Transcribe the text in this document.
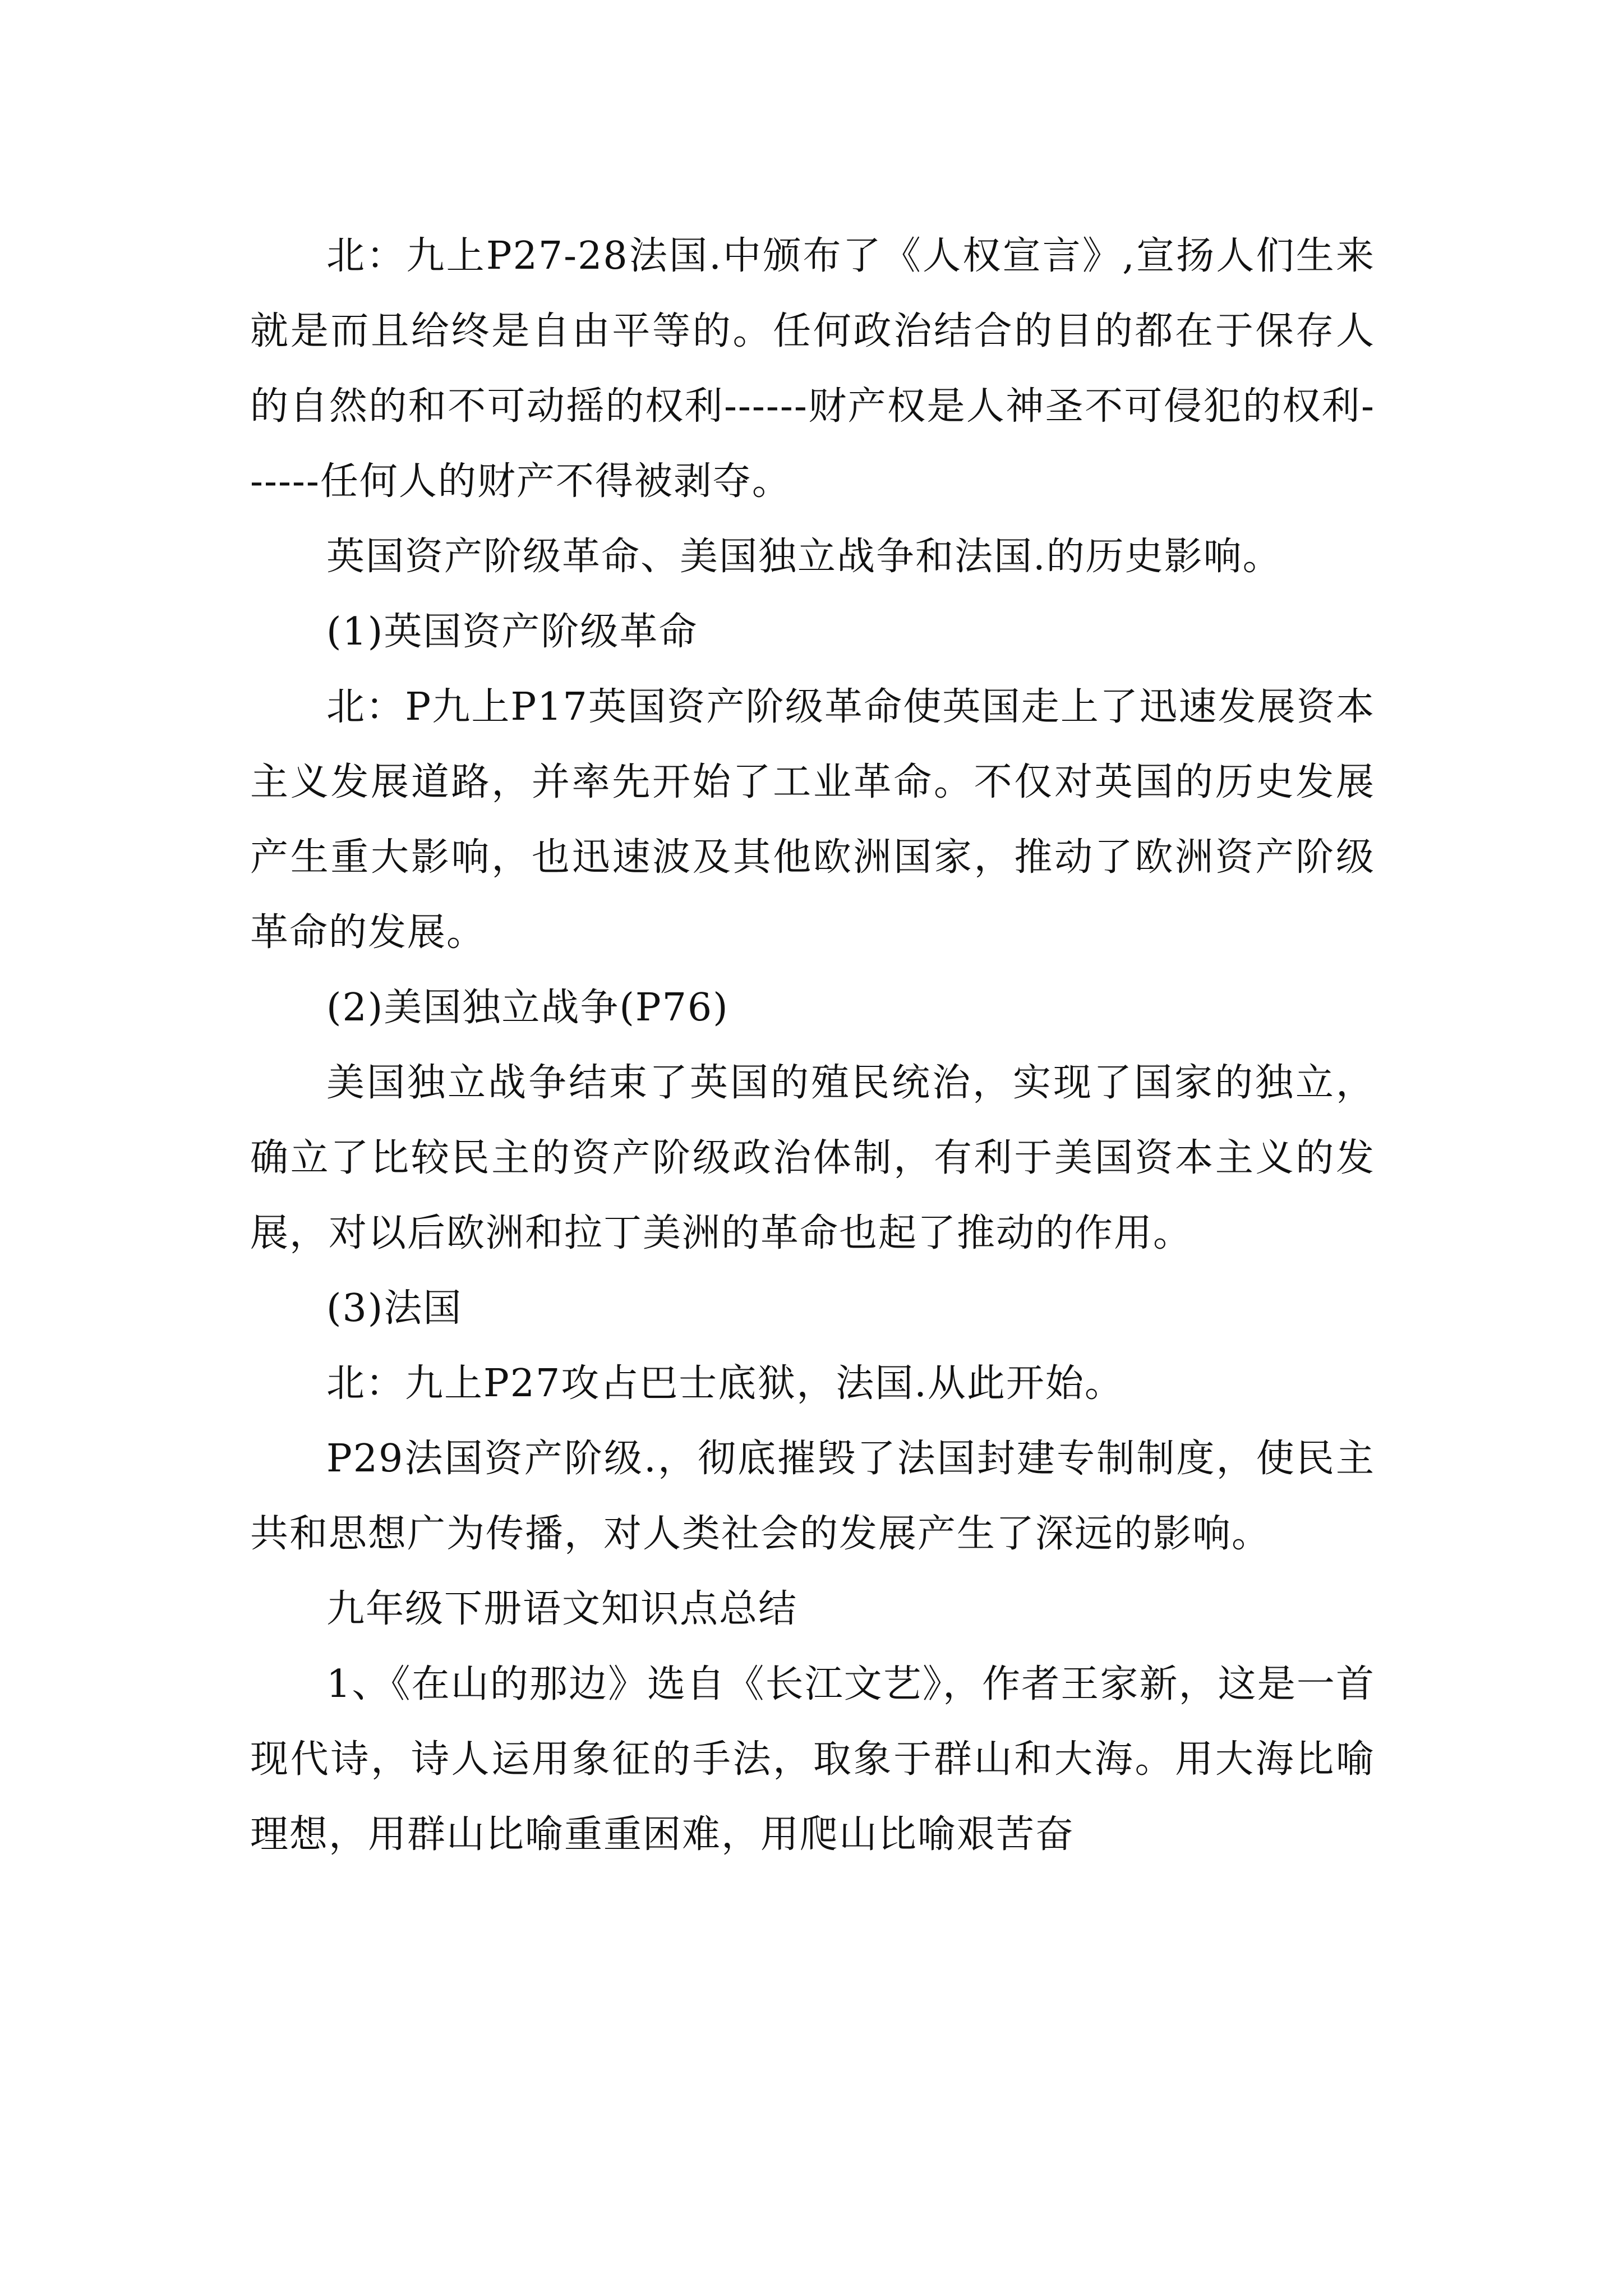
北：九上P27-28法国.中颁布了《人权宣言》,宣扬人们生来就是而且给终是自由平等的。任何政治结合的目的都在于保存人的自然的和不可动摇的权利------财产权是人神圣不可侵犯的权利------任何人的财产不得被剥夺。

英国资产阶级革命、美国独立战争和法国.的历史影响。

(1)英国资产阶级革命

北：P九上P17英国资产阶级革命使英国走上了迅速发展资本主义发展道路，并率先开始了工业革命。不仅对英国的历史发展产生重大影响，也迅速波及其他欧洲国家，推动了欧洲资产阶级革命的发展。

(2)美国独立战争(P76)

美国独立战争结束了英国的殖民统治，实现了国家的独立，确立了比较民主的资产阶级政治体制，有利于美国资本主义的发展，对以后欧洲和拉丁美洲的革命也起了推动的作用。

(3)法国

北：九上P27攻占巴士底狱，法国.从此开始。

P29法国资产阶级.，彻底摧毁了法国封建专制制度，使民主共和思想广为传播，对人类社会的发展产生了深远的影响。

九年级下册语文知识点总结

1、《在山的那边》选自《长江文艺》，作者王家新，这是一首现代诗，诗人运用象征的手法，取象于群山和大海。用大海比喻理想，用群山比喻重重困难，用爬山比喻艰苦奋
